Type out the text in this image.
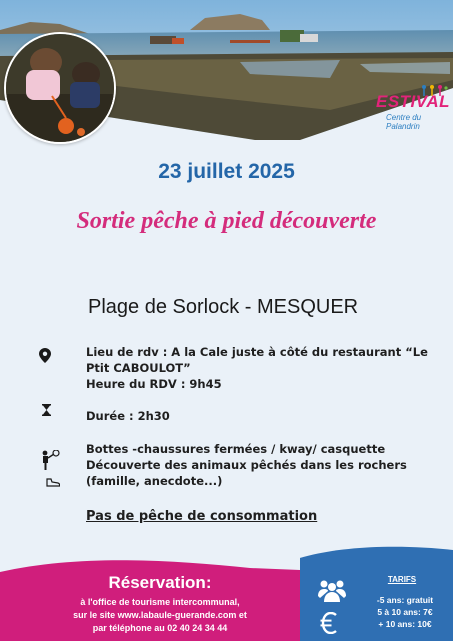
ESTIVAL
Centre du Palandrin
23 juillet 2025
Sortie pêche à pied découverte
Plage de Sorlock - MESQUER
Lieu de rdv : A la Cale juste à côté du restaurant “Le
Ptit CABOULOT”
Heure du RDV : 9h45
Durée : 2h30
Bottes -chaussures fermées / kway/ casquette
Découverte des animaux pêchés dans les rochers
(famille, anecdote...)
Pas de pêche de consommation
Réservation:
à l'office de tourisme intercommunal,
sur le site www.labaule-guerande.com et
par téléphone au 02 40 24 34 44
TARIFS
-5 ans: gratuit
5 à 10 ans: 7€
+ 10 ans: 10€
